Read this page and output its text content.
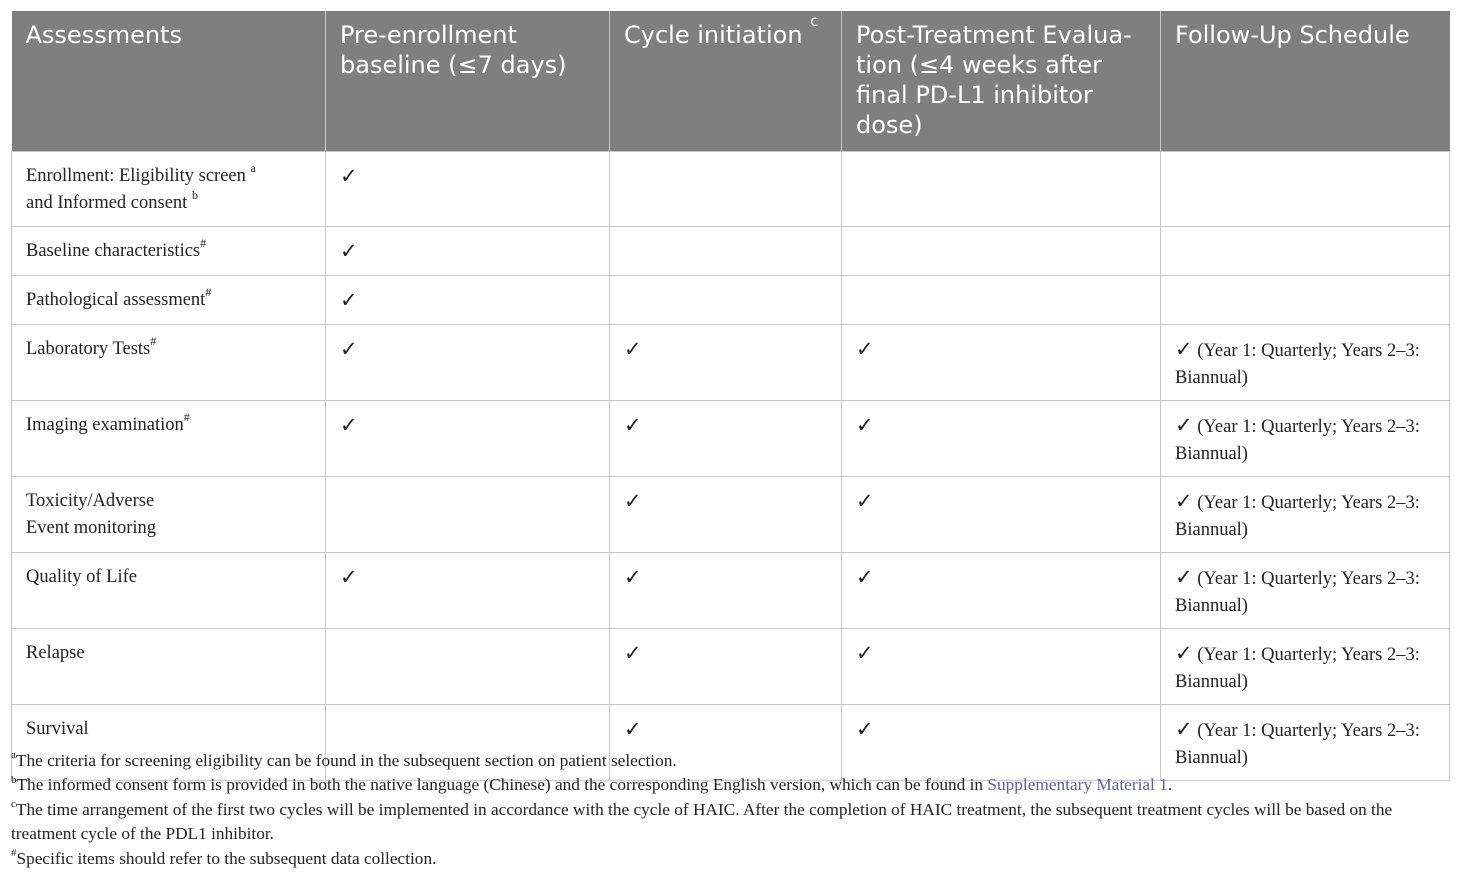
Assessments	Pre-enrollment baseline (≤7 days)	Cycle initiation $^c$	Post-Treatment Evalua-tion (≤4 weeks after final PD-L1 inhibitor dose)	Follow-Up Schedule
Enrollment: Eligibility screen $^a$
and Informed consent $^b$	✓			
Baseline characteristics#	✓			
Pathological assessment#	✓			
Laboratory Tests#	✓	✓	✓	✓ (Year 1: Quarterly; Years 2–3: Biannual)
Imaging examination#	✓	✓	✓	✓ (Year 1: Quarterly; Years 2–3: Biannual)
Toxicity/Adverse
Event monitoring		✓	✓	✓ (Year 1: Quarterly; Years 2–3: Biannual)
Quality of Life	✓	✓	✓	✓ (Year 1: Quarterly; Years 2–3: Biannual)
Relapse		✓	✓	✓ (Year 1: Quarterly; Years 2–3: Biannual)
Survival		✓	✓	✓ (Year 1: Quarterly; Years 2–3: Biannual)
$^a$The criteria for screening eligibility can be found in the subsequent section on patient selection.
$^b$The informed consent form is provided in both the native language (Chinese) and the corresponding English version, which can be found in Supplementary Material 1.
$^c$The time arrangement of the first two cycles will be implemented in accordance with the cycle of HAIC. After the completion of HAIC treatment, the subsequent treatment cycles will be based on the treatment cycle of the PDL1 inhibitor.
#Specific items should refer to the subsequent data collection.
